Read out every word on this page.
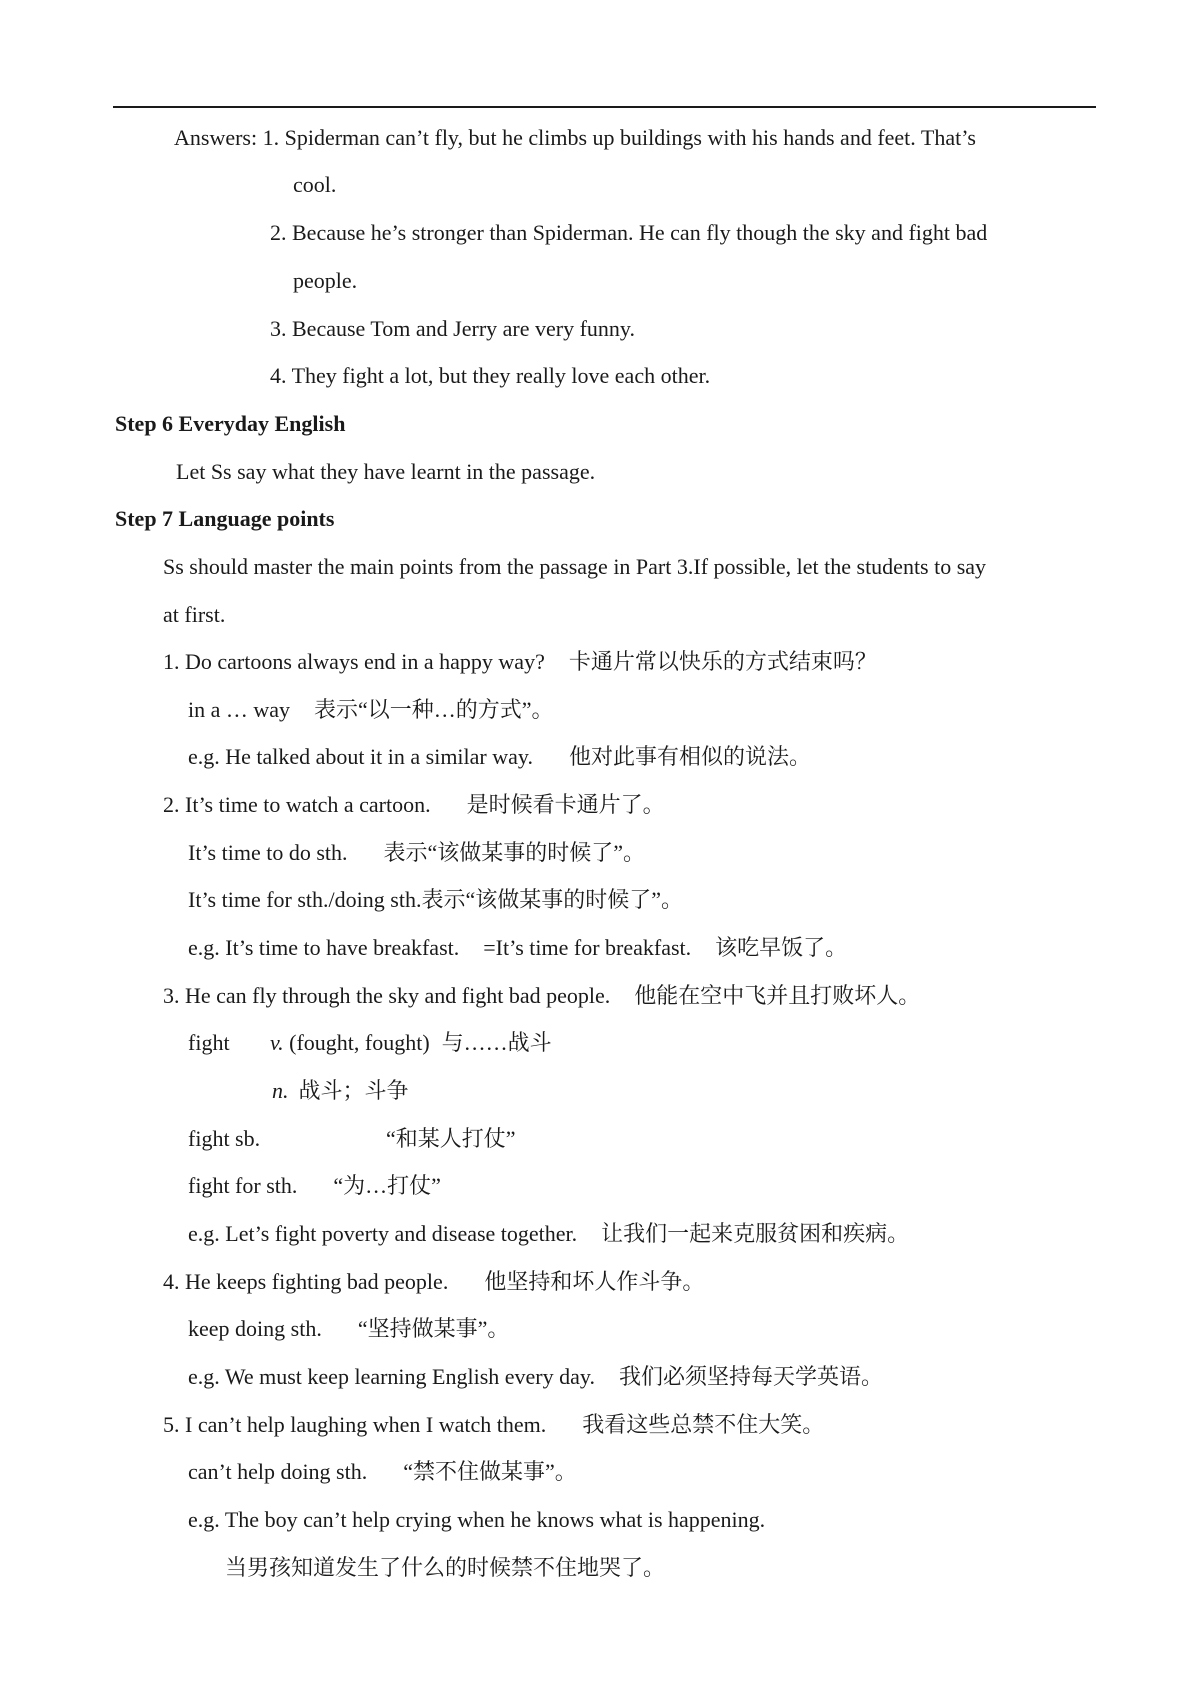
Answers: 1. Spiderman can’t fly, but he climbs up buildings with his hands and feet. That’s
cool.
2. Because he’s stronger than Spiderman. He can fly though the sky and fight bad
people.
3. Because Tom and Jerry are very funny.
4. They fight a lot, but they really love each other.
Step 6 Everyday English
Let Ss say what they have learnt in the passage.
Step 7 Language points
Ss should master the main points from the passage in Part 3.If possible, let the students to say
at first.
1. Do cartoons always end in a happy way? 卡通片常以快乐的方式结束吗？
in a … way 表示“以一种…的方式”。
e.g. He talked about it in a similar way. 他对此事有相似的说法。
2. It’s time to watch a cartoon. 是时候看卡通片了。
It’s time to do sth. 表示“该做某事的时候了”。
It’s time for sth./doing sth.表示“该做某事的时候了”。
e.g. It’s time to have breakfast. =It’s time for breakfast. 该吃早饭了。
3. He can fly through the sky and fight bad people. 他能在空中飞并且打败坏人。
fight v. (fought, fought) 与……战斗
n. 战斗；斗争
fight sb.	“和某人打仗”
fight for sth. “为…打仗”
e.g. Let’s fight poverty and disease together. 让我们一起来克服贫困和疾病。
4. He keeps fighting bad people. 他坚持和坏人作斗争。
keep doing sth. “坚持做某事”。
e.g. We must keep learning English every day. 我们必须坚持每天学英语。
5. I can’t help laughing when I watch them. 我看这些总禁不住大笑。
can’t help doing sth. “禁不住做某事”。
e.g. The boy can’t help crying when he knows what is happening.
当男孩知道发生了什么的时候禁不住地哭了。
